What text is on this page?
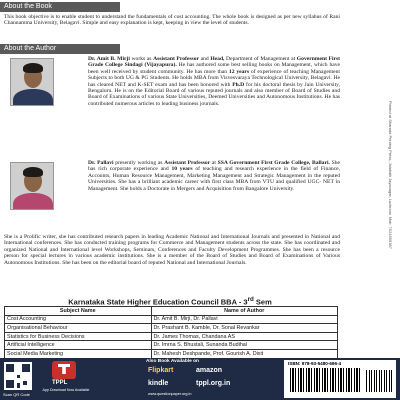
About the Book
This book objective is to enable student to understand the fundamentals of cost accounting. The whole book is designed as per new syllabus of Rani Channamma University, Belagavi. Simple and easy explanation is kept, keeping in view the level of students.
About the Author
Dr. Amit B. Mirji works as Assistant Professor and Head, Department of Management at Government First Grade College Sindagi (Vijayapura). He has authored some best selling books on Management, which have been well received by student community. He has more than 12 years of experience of teaching Management Subjects to both UG & PG Students. He holds MBA from Visvesvaraya Technological University, Belagavi. He has cleared NET and K-SET exam and has been honored with Ph.D for his doctoral thesis by Jain University, Bengaluru. He is on the Editorial Board of various reputed journals and also member of Board of Studies and Board of Examinations of various State Universities, Deemed Universities and Autonomous Institutions. He has contributed numerous articles to leading business journals.
Dr. Pallavi presently working as Assistant Professor at SSA Government First Grade College, Ballari. She has rich corporate experience and 10 years of teaching and research experience in the field of Finance, Accounts, Human Resource Management, Marketing Management and Strategic Management in the reputed Universities. She has a brilliant academic career with first class MBA from VTU and qualified UGC- NET in Management. She holds a Doctorate in Mergers and Acquisition from Bangalore University.
She is a Prolific writer, she has contributed research papers in leading Academic National and International Journals and presented in National and International conferences. She has conducted training programs for Commerce and Management students across the state. She has coordinated and organized National and International level Workshops, Seminars, Conferences and Faculty Development Programmes. She has been a resource person for special lectures in various academic institutions. She is a member of the Board of Studies and Board of Examinations of Various Autonomous Institutions. She has been on the editorial board of reputed National and International Journals.
Printed at Sharada Printing Press, Jalahalli Jayanagar, Lucknow. Mob: 7021655387
Karnataka State Higher Education Council BBA - 3rd Sem
Subject Name	Name of Author
Cost Accounting	Dr. Amit B. Mirji, Dr. Pallavi
Organisational Behaviour	Dr. Prashant B. Kamble, Dr. Sonal Revankar
Statistics for Business Decisions	Dr. James Thomas, Chandana AS
Artificial Intelligence	Dr. Imrna S. Bhustali, Sunanda Budihal
Social Media Marketing	Dr. Mahesh Deshpande, Prof. Gourish A. Dixit
Scan QR Code
TPPL
App Download Now Available
Also Book Available on
Flipkart	amazon
kindle	tppl.org.in
www.questionpaper.org.in
ISBN: 978-93-5480-696-4
